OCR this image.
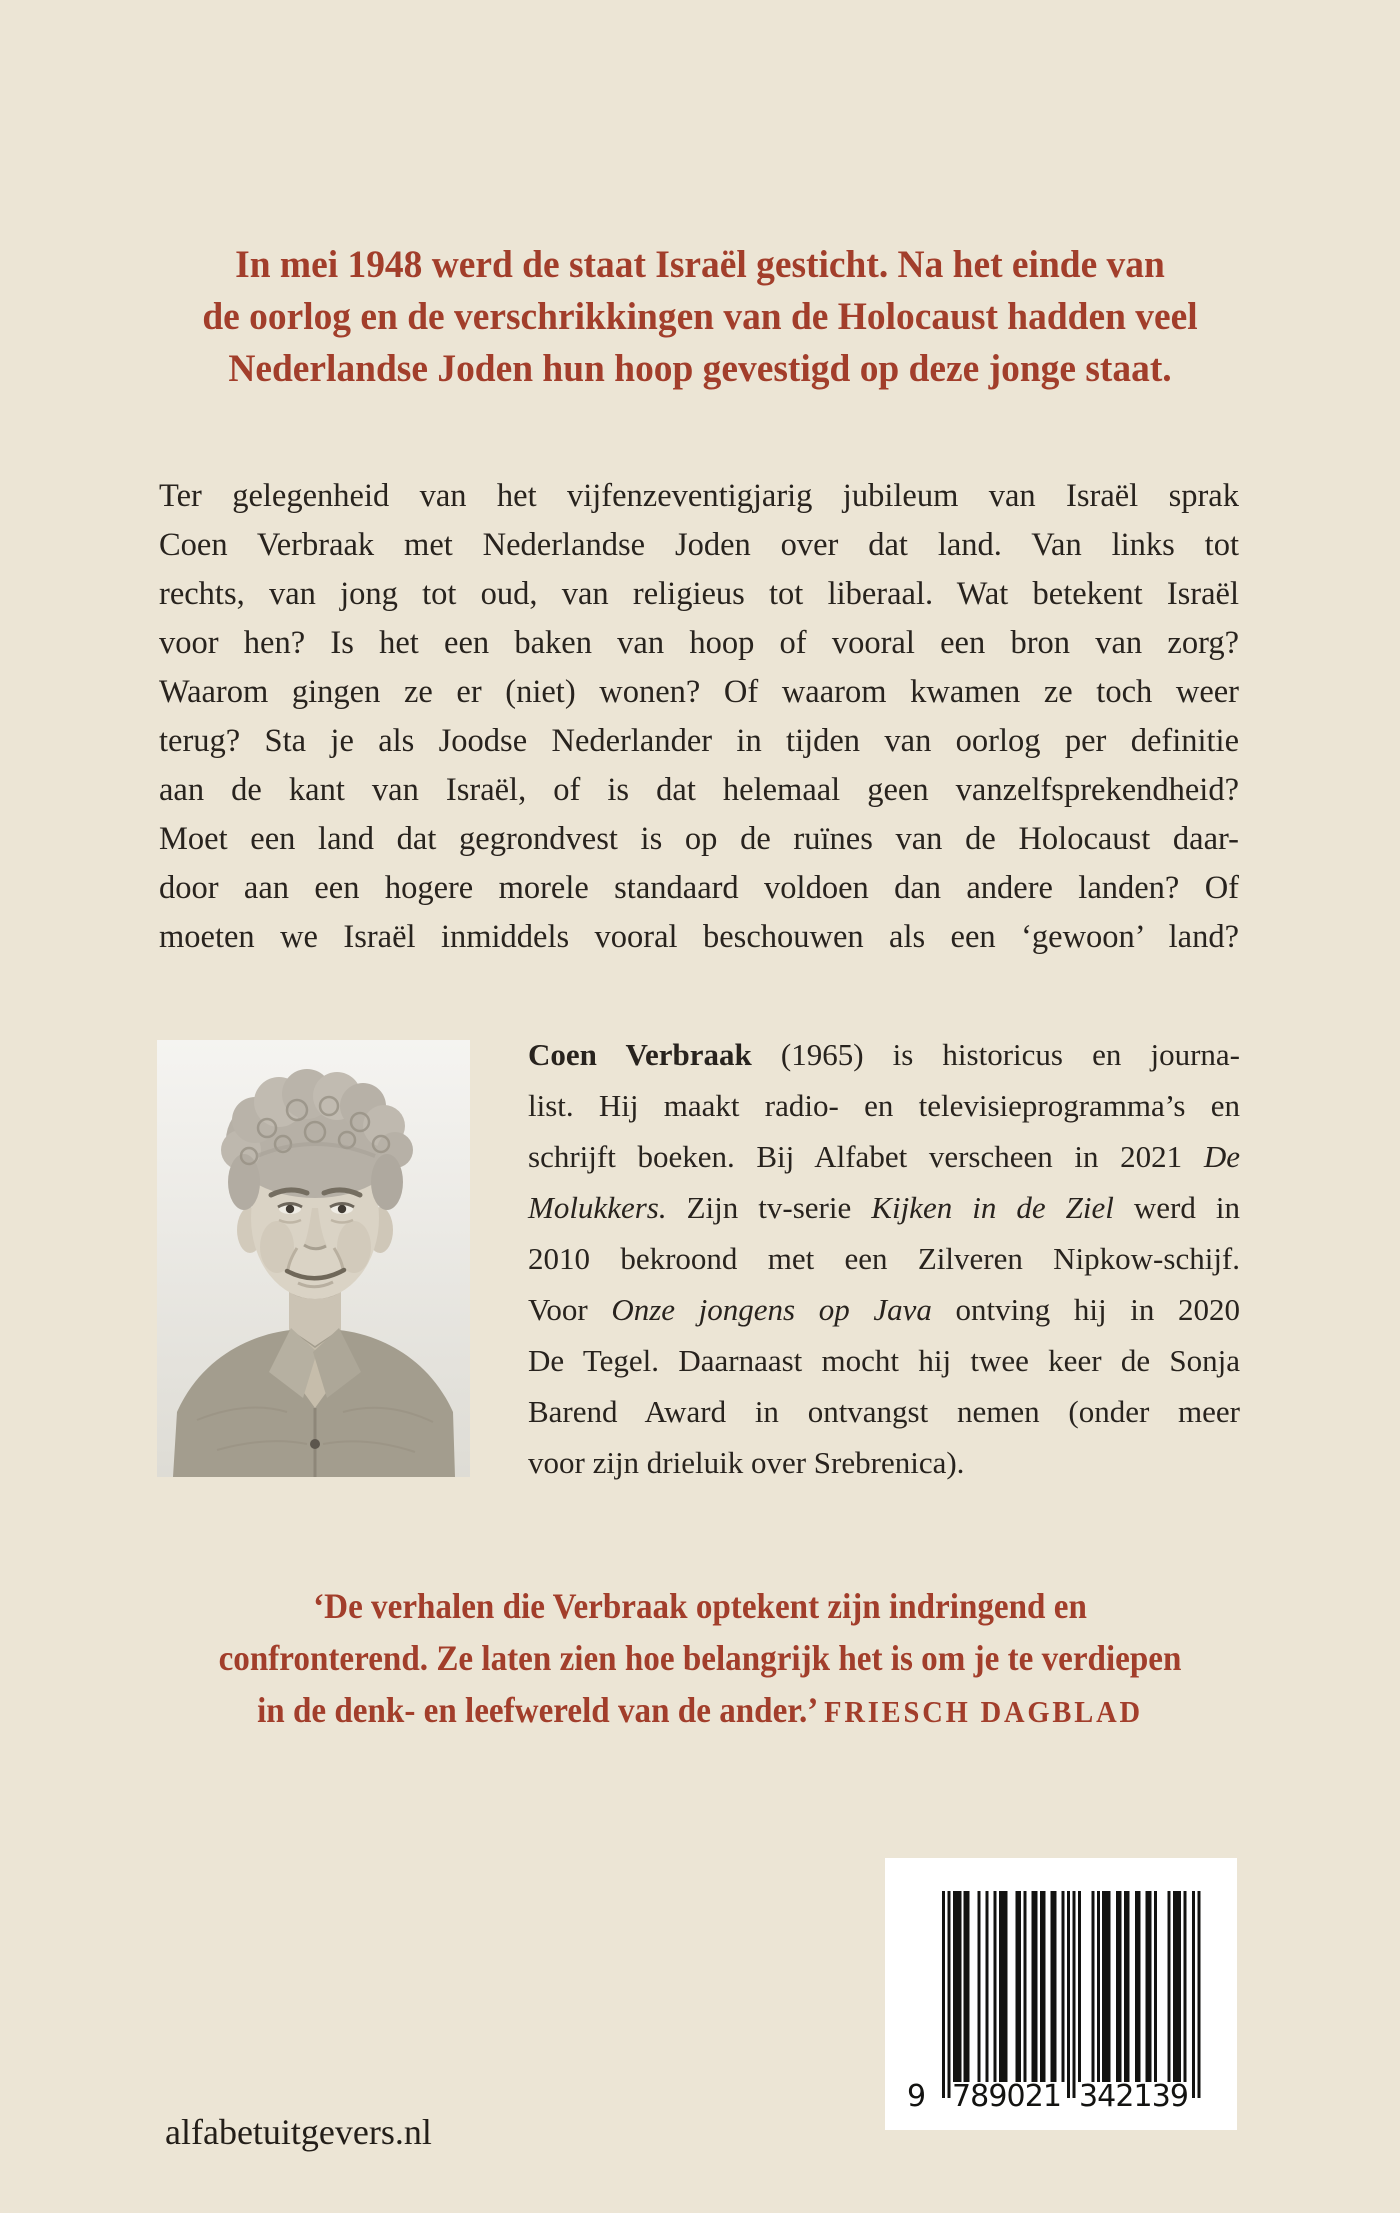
In mei 1948 werd de staat Israël gesticht. Na het einde van
de oorlog en de verschrikkingen van de Holocaust hadden veel
Nederlandse Joden hun hoop gevestigd op deze jonge staat.
Ter gelegenheid van het vijfenzeventigjarig jubileum van Israël sprak
Coen Verbraak met Nederlandse Joden over dat land. Van links tot
rechts, van jong tot oud, van religieus tot liberaal. Wat betekent Israël
voor hen? Is het een baken van hoop of vooral een bron van zorg?
Waarom gingen ze er (niet) wonen? Of waarom kwamen ze toch weer
terug? Sta je als Joodse Nederlander in tijden van oorlog per definitie
aan de kant van Israël, of is dat helemaal geen vanzelfsprekendheid?
Moet een land dat gegrondvest is op de ruïnes van de Holocaust daar-
door aan een hogere morele standaard voldoen dan andere landen? Of
moeten we Israël inmiddels vooral beschouwen als een ‘gewoon’ land?
Coen Verbraak (1965) is historicus en journa-
list. Hij maakt radio- en televisieprogramma’s en
schrijft boeken. Bij Alfabet verscheen in 2021 De
Molukkers. Zijn tv-serie Kijken in de Ziel werd in
2010 bekroond met een Zilveren Nipkow-schijf.
Voor Onze jongens op Java ontving hij in 2020
De Tegel. Daarnaast mocht hij twee keer de Sonja
Barend Award in ontvangst nemen (onder meer
voor zijn drieluik over Srebrenica).
‘De verhalen die Verbraak optekent zijn indringend en
confronterend. Ze laten zien hoe belangrijk het is om je te verdiepen
in de denk- en leefwereld van de ander.’ FRIESCH DAGBLAD
9 789021 342139
alfabetuitgevers.nl
